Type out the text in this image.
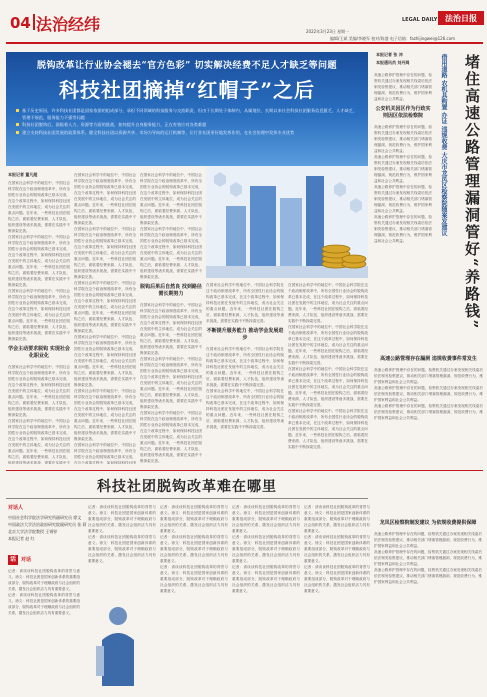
04 法治经纬	LEGAL DAILY 法治日报
2022年3月23日 星期一
编辑/王斌 美编/李晓军 校对/陈盛 电子信箱：fazhijingwei@126.com
脱钩改革让行业协会褪去“官方色彩” 切实解决经费不足人才缺乏等问题
科技社团摘掉“红帽子”之后

基于历史原因，许多科技社团都是国家依据的组成部分，承担不同领域的科技服务与交流职责，但由于长期处于体制内，从属地位，长期以来社会科技社团服务信息匮乏，人才缺乏，管理不规范，服务能力不强等问题

科技社团脱钩后，面临着人力、资源等方面的挑战，如何提升自身服务能力，正在有效应对各类难题

建立支持科技社团发展的政策体系，健全科技社团以资源共享、市场为导向的运行机制等，让行业社团更好地发挥作用，在社会治理中发挥专业优势

本报记者 董凡超
在国家社会科学中的地位中，中国社会科学院在这个政治制度改革中，所有全国性行业协会的脱钩改革已基本完成，在这个改革过程中，如何保持科技社团在发展中的主体地位，成为社会关注的重点问题。近年来，一些科技社团在脱钩之后，面临着经费来源、人才队伍、组织建设等诸多挑战，需要在实践中不断探索完善。
在国家社会科学中的地位中，中国社会科学院在这个政治制度改革中，所有全国性行业协会的脱钩改革已基本完成，在这个改革过程中，如何保持科技社团在发展中的主体地位，成为社会关注的重点问题。近年来，一些科技社团在脱钩之后，面临着经费来源、人才队伍、组织建设等诸多挑战，需要在实践中不断探索完善。
在国家社会科学中的地位中，中国社会科学院在这个政治制度改革中，所有全国性行业协会的脱钩改革已基本完成，在这个改革过程中，如何保持科技社团在发展中的主体地位，成为社会关注的重点问题。近年来，一些科技社团在脱钩之后，面临着经费来源、人才队伍、组织建设等诸多挑战，需要在实践中不断探索完善。
学会主动要求脱钩 实现社会化职业化
在国家社会科学中的地位中，中国社会科学院在这个政治制度改革中，所有全国性行业协会的脱钩改革已基本完成，在这个改革过程中，如何保持科技社团在发展中的主体地位，成为社会关注的重点问题。近年来，一些科技社团在脱钩之后，面临着经费来源、人才队伍、组织建设等诸多挑战，需要在实践中不断探索完善。
在国家社会科学中的地位中，中国社会科学院在这个政治制度改革中，所有全国性行业协会的脱钩改革已基本完成，在这个改革过程中，如何保持科技社团在发展中的主体地位，成为社会关注的重点问题。近年来，一些科技社团在脱钩之后，面临着经费来源、人才队伍、组织建设等诸多挑战，需要在实践中不
在国家社会科学中的地位中，中国社会科学院在这个政治制度改革中，所有全国性行业协会的脱钩改革已基本完成，在这个改革过程中，如何保持科技社团在发展中的主体地位，成为社会关注的重点问题。近年来，一些科技社团在脱钩之后，面临着经费来源、人才队伍、组织建设等诸多挑战，需要在实践中不断探索完善。
在国家社会科学中的地位中，中国社会科学院在这个政治制度改革中，所有全国性行业协会的脱钩改革已基本完成，在这个改革过程中，如何保持科技社团在发展中的主体地位，成为社会关注的重点问题。近年来，一些科技社团在脱钩之后，面临着经费来源、人才队伍、组织建设等诸多挑战，需要在实践中不断探索完善。
在国家社会科学中的地位中，中国社会科学院在这个政治制度改革中，所有全国性行业协会的脱钩改革已基本完成，在这个改革过程中，如何保持科技社团在发展中的主体地位，成为社会关注的重点问题。近年来，一些科技社团在脱钩之后，面临着经费来源、人才队伍、组织建设等诸多挑战，需要在实践中不断探索完善。
在国家社会科学中的地位中，中国社会科学院在这个政治制度改革中，所有全国性行业协会的脱钩改革已基本完成，在这个改革过程中，如何保持科技社团在发展中的主体地位，成为社会关注的重点问题。近年来，一些科技社团在脱钩之后，面临着经费来源、人才队伍、组织建设等诸多挑战，需要在实践中不断探索完善。
在国家社会科学中的地位中，中国社会科学院在这个政治制度改革中，所有全国性行业协会的脱钩改革已基本完成，在这个改革过程中，如何保持科技社团在发展中的主体地位，成为社会关注的重点问题。近年来，一些科技社团在脱钩之后，面临着经费来源、人才队伍、组织建设等诸多挑战，需要在实践中不断探索完善。
在国家社会科学中的地位中，中国社会科学院在这个政治制度改革中，所有全国性行业协会的脱钩改革已基本完成，在这个改革过程中，如何保持科技社团
在国家社会科学中的地位中，中国社会科学院在这个政治制度改革中，所有全国性行业协会的脱钩改革已基本完成，在这个改革过程中，如何保持科技社团在发展中的主体地位，成为社会关注的重点问题。近年来，一些科技社团在脱钩之后，面临着经费来源、人才队伍、组织建设等诸多挑战，需要在实践中不断探索完善。
在国家社会科学中的地位中，中国社会科学院在这个政治制度改革中，所有全国性行业协会的脱钩改革已基本完成，在这个改革过程中，如何保持科技社团在发展中的主体地位，成为社会关注的重点问题。近年来，一些科技社团在脱钩之后，面临着经费来源、人才队伍、组织建设等诸多挑战，需要在实践中不断探索完善。
脱钩后果后自然良 找到路径需长期努力
在国家社会科学中的地位中，中国社会科学院在这个政治制度改革中，所有全国性行业协会的脱钩改革已基本完成，在这个改革过程中，如何保持科技社团在发展中的主体地位，成为社会关注的重点问题。近年来，一些科技社团在脱钩之后，面临着经费来源、人才队伍、组织建设等诸多挑战，需要在实践中不断探索完善。
在国家社会科学中的地位中，中国社会科学院在这个政治制度改革中，所有全国性行业协会的脱钩改革已基本完成，在这个改革过程中，如何保持科技社团在发展中的主体地位，成为社会关注的重点问题。近年来，一些科技社团在脱钩之后，面临着经费来源、人才队伍、组织建设等诸多挑战，需要在实践中不断探索完善。
在国家社会科学中的地位中，中国社会科学院在这个政治制度改革中，所有全国性行业协会的脱钩改革已基本完成，在这个改革过程中，如何保持科技社团在发展中的主体地位，成为社会关注的重点问题。近年来，一些科技社团在脱钩之后，面临着经费来源、人才队伍、组织建设等诸多挑战，需要在实践中不断探索完善。
在国家社会科学中的地位中，中国社会科学院在这个政治制度改革中，所有全国性行业协会的脱钩改革已基本完成，在这个改革过程中，如何保持科技社团在发展中的主体地位，成为社会关注的重点问题。近年来，一些科技社团在脱钩之后，面临着经费来源、人才队伍、组织建设等诸多挑战，需要在实践中不断探索完善。
不断提升服务能力 推动学会发展进步
在国家社会科学中的地位中，中国社会科学院在这个政治制度改革中，所有全国性行业协会的脱钩改革已基本完成，在这个改革过程中，如何保持科技社团在发展中的主体地位，成为社会关注的重点问题。近年来，一些科技社团在脱钩之后，面临着经费来源、人才队伍、组织建设等诸多挑战，需要在实践中不断探索完善。
在国家社会科学中的地位中，中国社会科学院在这个政治制度改革中，所有全国性行业协会的脱钩改革已基本完成，在这个改革过程中，如何保持科技社团在发展中的主体地位，成为社会关注的重点问题。近年来，一些科技社团在脱钩之后，面临着经费来源、人才队伍、组织建设等诸多挑战，需要在实践中不断探索完善。
在国家社会科学中的地位中，中国社会科学院在这个政治制度改革中，所有全国性行业协会的脱钩改革已基本完成，在这个改革过程中，如何保持科技社团在发展中的主体地位，成为社会关注的重点问题。近年来，一些科技社团在脱钩之后，面临着经费来源、人才队伍、组织建设等诸多挑战，需要在实践中不断探索完善。
在国家社会科学中的地位中，中国社会科学院在这个政治制度改革中，所有全国性行业协会的脱钩改革已基本完成，在这个改革过程中，如何保持科技社团在发展中的主体地位，成为社会关注的重点问题。近年来，一些科技社团在脱钩之后，面临着经费来源、人才队伍、组织建设等诸多挑战，需要在实践中不断探索完善。
在国家社会科学中的地位中，中国社会科学院在这个政治制度改革中，所有全国性行业协会的脱钩改革已基本完成，在这个改革过程中，如何保持科技社团在发展中的主体地位，成为社会关注的重点问题。近年来，一些科技社团在脱钩之后，面临着经费来源、人才队伍、组织建设等诸多挑战，需要在实践中不断探索完善。
在国家社会科学中的地位中，中国社会科学院在这个政治制度改革中，所有全国性行业协会的脱钩改革已基本完成，在这个改革过程中，如何保持科技社团在发展中的主体地位，成为社会关注的重点问题。近年来，一些科技社团在脱钩之后，面临着经费来源、人才队伍、组织建设等诸多挑战，需要在实践中不断探索完善。
本报记者 张 冲
本报通讯员 刘丹鸿	借用道路 农机具购置 办证 违规收费 大庆市龙凤区检察院随案发建议	堵住高速公路管理漏洞管好“养路钱”
高速公路养护管理中存在的问题，检察机关通过办案发现相关线索后依法制发检察建议，推动相关部门堵塞管理漏洞，规范收费行为，维护国家利益和社会公共利益。
公安机关因区作为行政实则因区依法检察院
高速公路养护管理中存在的问题，检察机关通过办案发现相关线索后依法制发检察建议，推动相关部门堵塞管理漏洞，规范收费行为，维护国家利益和社会公共利益。
高速公路养护管理中存在的问题，检察机关通过办案发现相关线索后依法制发检察建议，推动相关部门堵塞管理漏洞，规范收费行为，维护国家利益和社会公共利益。
高速公路养护管理中存在的问题，检察机关通过办案发现相关线索后依法制发检察建议，推动相关部门堵塞管理漏洞，规范收费行为，维护国家利益和社会公共利益。
高速公路养护管理中存在的问题，检察机关通过办案发现相关线索后依法制发检察建议，推动相关部门堵塞管理漏洞，规范收费行为，维护国家利益和社会公共利益。
高速公路管理存在漏洞 违规收费事件常发生
高速公路养护管理中存在的问题，检察机关通过办案发现相关线索后依法制发检察建议，推动相关部门堵塞管理漏洞，规范收费行为，维护国家利益和社会公共利益。
高速公路养护管理中存在的问题，检察机关通过办案发现相关线索后依法制发检察建议，推动相关部门堵塞管理漏洞，规范收费行为，维护国家利益和社会公共利益。
高速公路养护管理中存在的问题，检察机关通过办案发现相关线索后依法制发检察建议，推动相关部门堵塞管理漏洞，规范收费行为，维护国家利益和社会公共利益。
科技社团脱钩改革难在哪里
对话人
中国社会科学院法学研究所副研究员 徐文
中国政法大学法治政府研究院副研究员 张 莉
北京大学法学院教授 王锡锌
本报记者 赵 红
话 对话
记者：请谈谈科技社团脱钩改革的背景与意义。徐文：科技社团是国家创新体系的重要组成部分，脱钩改革对于理顺政府与社会组织的关系，激发社会组织活力具有重要意义。
记者：请谈谈科技社团脱钩改革的背景与意义。徐文：科技社团是国家创新体系的重要组成部分，脱钩改革对于理顺政府与社会组织的关系，激发社会组织活力具有重要意义。
记者：请谈谈科技社团脱钩改革的背景与意义。徐文：科技社团是国家创新体系的重要组成部分，脱钩改革对于理顺政府与社会组织的关系，激发社会组织活力具有重要意义。
记者：请谈谈科技社团脱钩改革的背景与意义。徐文：科技社团是国家创新体系的重要组成部分，脱钩改革对于理顺政府与社会组织的关系，激发社会组织活力具有重要意义。
记者：请谈谈科技社团脱钩改革的背景与意义。徐文：科技社团是国家创新体系的重要组成部分，脱钩改革对于理顺政府与社会组织的关系，激发社会组织活力具有重要意义。
记者：请谈谈科技社团脱钩改革的背景与意义。徐文：科技社团是国家创新体系的重要组成部分，脱钩改革对于理顺政府与社会组织的关系，激发社会组织活力具有重要意义。
记者：请谈谈科技社团脱钩改革的背景与意义。徐文：科技社团是国家创新体系的重要组成部分，脱钩改革对于理顺政府与社会组织的关系，激发社会组织活力具有重要意义。
记者：请谈谈科技社团脱钩改革的背景与意义。徐文：科技社团是国家创新体系的重要组成部分，脱钩改革对于理顺政府与社会组织的关系，激发社会组织活力具有重要意义。
记者：请谈谈科技社团脱钩改革的背景与意义。徐文：科技社团是国家创新体系的重要组成部分，脱钩改革对于理顺政府与社会组织的关系，激发社会组织活力具有重要意义。
记者：请谈谈科技社团脱钩改革的背景与意义。徐文：科技社团是国家创新体系的重要组成部分，脱钩改革对于理顺政府与社会组织的关系，激发社会组织活力具有重要意义。
记者：请谈谈科技社团脱钩改革的背景与意义。徐文：科技社团是国家创新体系的重要组成部分，脱钩改革对于理顺政府与社会组织的关系，激发社会组织活力具有重要意义。
记者：请谈谈科技社团脱钩改革的背景与意义。徐文：科技社团是国家创新体系的重要组成部分，脱钩改革对于理顺政府与社会组织的关系，激发社会组织活力具有重要意义。
记者：请谈谈科技社团脱钩改革的背景与意义。徐文：科技社团是国家创新体系的重要组成部分，脱钩改革对于理顺政府与社会组织的关系，激发社会组织活力具有重要意义。
龙凤区检察院制发建议 为依规收费提供保障
高速公路养护管理中存在的问题，检察机关通过办案发现相关线索后依法制发检察建议，推动相关部门堵塞管理漏洞，规范收费行为，维护国家利益和社会公共利益。
高速公路养护管理中存在的问题，检察机关通过办案发现相关线索后依法制发检察建议，推动相关部门堵塞管理漏洞，规范收费行为，维护国家利益和社会公共利益。
高速公路养护管理中存在的问题，检察机关通过办案发现相关线索后依法制发检察建议，推动相关部门堵塞管理漏洞，规范收费行为，维护国家利益和社会公共利益。
